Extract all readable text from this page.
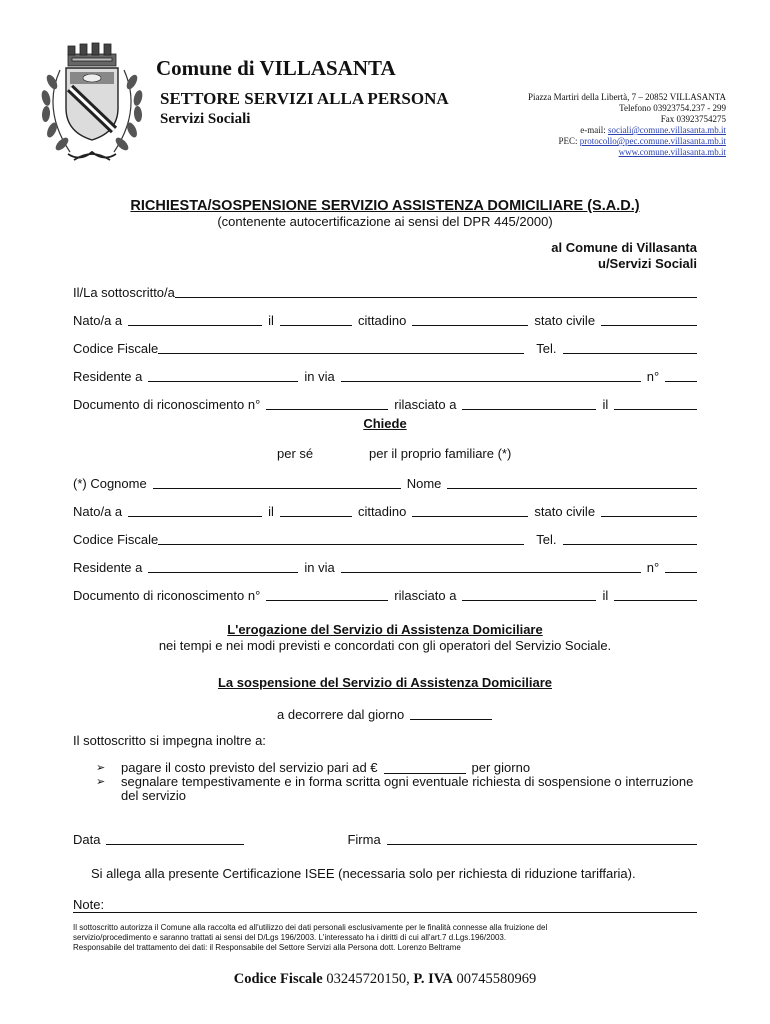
Comune di VILLASANTA
SETTORE SERVIZI ALLA PERSONA
Servizi Sociali
Piazza Martiri della Libertà, 7 – 20852 VILLASANTA
Telefono 03923754.237 - 299
Fax 03923754275
e-mail: sociali@comune.villasanta.mb.it
PEC: protocollo@pec.comune.villasanta.mb.it
www.comune.villasanta.mb.it
RICHIESTA/SOSPENSIONE SERVIZIO ASSISTENZA DOMICILIARE (S.A.D.)
(contenente autocertificazione ai sensi del DPR 445/2000)
al Comune di Villasanta
u/Servizi Sociali
Il/La sottoscritto/a
Nato/a a	il	cittadino	stato civile
Codice Fiscale	Tel.
Residente a	in via	n°
Documento di riconoscimento n°	rilasciato a	il
Chiede
per sé	per il proprio familiare (*)
(*) Cognome	Nome
Nato/a a	il	cittadino	stato civile
Codice Fiscale	Tel.
Residente a	in via	n°
Documento di riconoscimento n°	rilasciato a	il
L'erogazione del Servizio di Assistenza Domiciliare
nei tempi e nei modi previsti e concordati con gli operatori del Servizio Sociale.
La sospensione del Servizio di Assistenza Domiciliare
a decorrere dal giorno
Il sottoscritto si impegna inoltre a:
➢	pagare il costo previsto del servizio pari ad €	per giorno
➢	segnalare tempestivamente e in forma scritta ogni eventuale richiesta di sospensione o interruzione
del servizio
Data	Firma
Si allega alla presente Certificazione ISEE (necessaria solo per richiesta di riduzione tariffaria).
Note:
Il sottoscritto autorizza il Comune alla raccolta ed all'utilizzo dei dati personali esclusivamente per le finalità connesse alla fruizione del
servizio/procedimento e saranno trattati ai sensi del D/Lgs 196/2003. L'interessato ha i diritti di cui all'art.7 d.Lgs.196/2003.
Responsabile del trattamento dei dati: il Responsabile del Settore Servizi alla Persona dott. Lorenzo Beltrame
Codice Fiscale 03245720150, P. IVA 00745580969
